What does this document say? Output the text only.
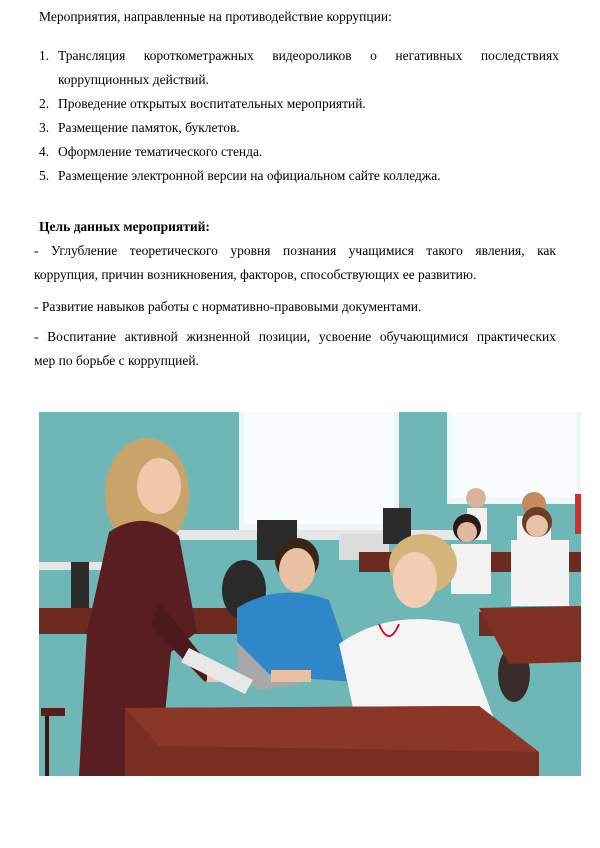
Мероприятия, направленные на противодействие коррупции:
1. Трансляция короткометражных видеороликов о негативных последствиях
коррупционных действий.
2. Проведение открытых воспитательных мероприятий.
3. Размещение памяток, буклетов.
4. Оформление тематического стенда.
5. Размещение электронной версии на официальном сайте колледжа.
Цель данных мероприятий:
- Углубление теоретического уровня познания учащимися такого явления, как
коррупция, причин возникновения, факторов, способствующих ее развитию.
- Развитие навыков работы с нормативно-правовыми документами.
- Воспитание активной жизненной позиции, усвоение обучающимися практических
мер по борьбе с коррупцией.
